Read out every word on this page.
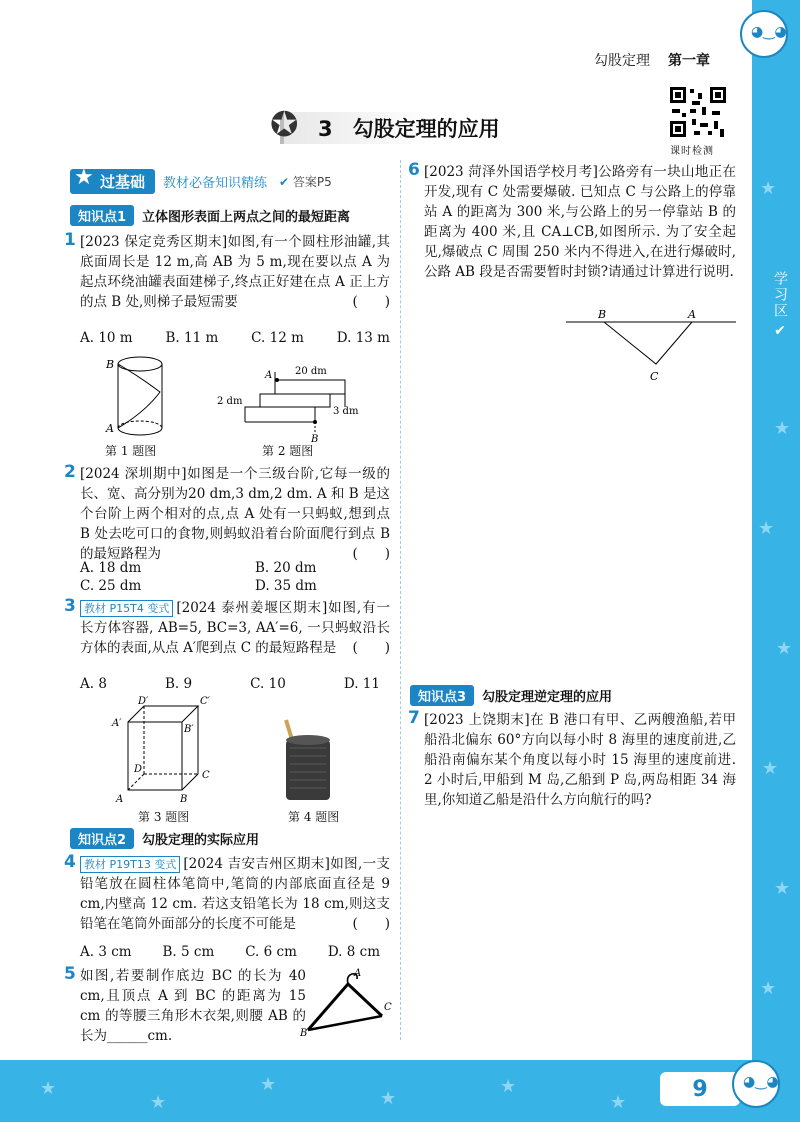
★
★
★
★
★
★
★
★
★
★
★
★
★
学习区
✔
9
◕‿◕
◕‿◕
勾股定理 第一章
✪ 3 勾股定理的应用
课时检测
★ 过基础	教材必备知识精练 ✔ 答案P5
知识点1	立体图形表面上两点之间的最短距离
1 [2023 保定竞秀区期末]如图,有一个圆柱形油罐,其底面周长是 12 m,高 AB 为 5 m,现在要以点 A 为起点环绕油罐表面建梯子,终点正好建在点 A 正上方的点 B 处,则梯子最短需要	(　　)
A. 10 m B. 11 m C. 12 m D. 13 m
B
A
第 1 题图
A
B
20 dm
2 dm
3 dm
第 2 题图
2 [2024 深圳期中]如图是一个三级台阶,它每一级的长、宽、高分别为20 dm,3 dm,2 dm. A 和 B 是这个台阶上两个相对的点,点 A 处有一只蚂蚁,想到点 B 处去吃可口的食物,则蚂蚁沿着台阶面爬行到点 B 的最短路程为	(　　)
A. 18 dm	B. 20 dm
C. 25 dm	D. 35 dm
3 教材 P15T4 变式 [2024 泰州姜堰区期末]如图,有一长方体容器, AB=5, BC=3, AA′=6, 一只蚂蚁沿长方体的表面,从点 A′爬到点 C 的最短路程是 (　　)
A. 8	B. 9	C. 10	D. 11
D′	C′
A′
B′
D
C
A	B
第 3 题图	第 4 题图
知识点2	勾股定理的实际应用
4 教材 P19T13 变式 [2024 吉安吉州区期末]如图,一支铅笔放在圆柱体笔筒中,笔筒的内部底面直径是 9 cm,内壁高 12 cm. 若这支铅笔长为 18 cm,则这支铅笔在笔筒外面部分的长度不可能是	(　　)
A. 3 cm B. 5 cm C. 6 cm D. 8 cm
5 如图,若要制作底边 BC 的长为 40 cm,且顶点 A 到 BC 的距离为 15 cm 的等腰三角形木衣架,则腰 AB 的长为______cm.
A
B
C
6 [2023 菏泽外国语学校月考]公路旁有一块山地正在开发,现有 C 处需要爆破. 已知点 C 与公路上的停靠站 A 的距离为 300 米,与公路上的另一停靠站 B 的距离为 400 米,且 CA⊥CB,如图所示. 为了安全起见,爆破点 C 周围 250 米内不得进入,在进行爆破时,公路 AB 段是否需要暂时封锁?请通过计算进行说明.
B	A
C
知识点3	勾股定理逆定理的应用
7 [2023 上饶期末]在 B 港口有甲、乙两艘渔船,若甲船沿北偏东 60°方向以每小时 8 海里的速度前进,乙船沿南偏东某个角度以每小时 15 海里的速度前进. 2 小时后,甲船到 M 岛,乙船到 P 岛,两岛相距 34 海里,你知道乙船是沿什么方向航行的吗?
